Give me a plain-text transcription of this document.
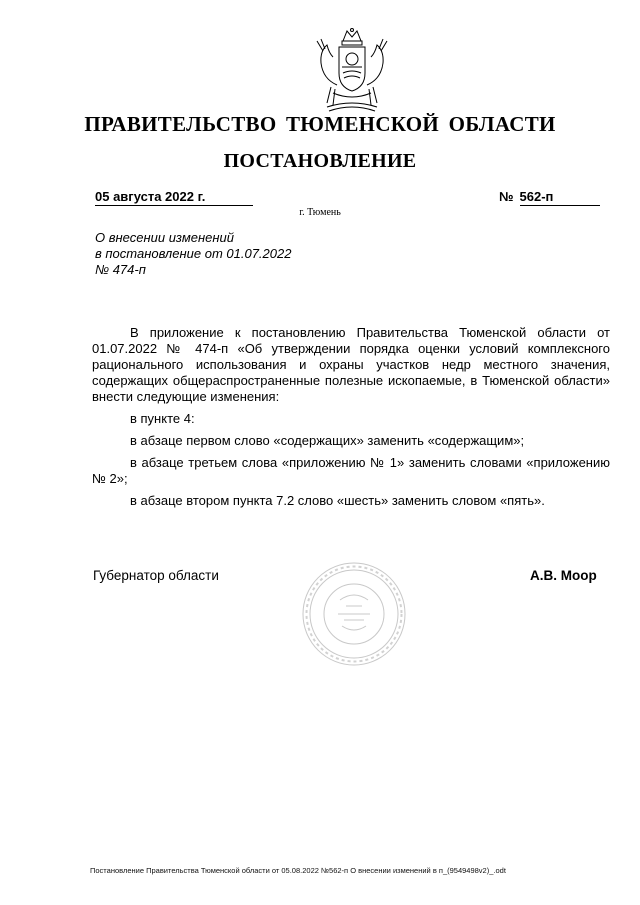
ПРАВИТЕЛЬСТВО ТЮМЕНСКОЙ ОБЛАСТИ
ПОСТАНОВЛЕНИЕ
05 августа 2022 г.	№ 562-п
г. Тюмень
О внесении изменений
в постановление от 01.07.2022
№ 474-п

В приложение к постановлению Правительства Тюменской области от 01.07.2022 № 474-п «Об утверждении порядка оценки условий комплексного рационального использования и охраны участков недр местного значения, содержащих общераспространенные полезные ископаемые, в Тюменской области» внести следующие изменения:

в пункте 4:

в абзаце первом слово «содержащих» заменить «содержащим»;

в абзаце третьем слова «приложению № 1» заменить словами «приложению № 2»;

в абзаце втором пункта 7.2 слово «шесть» заменить словом «пять».

Губернатор области	А.В. Моор
Постановление Правительства Тюменской области от 05.08.2022 №562-п О внесении изменений в п_(9549498v2)_.odt
